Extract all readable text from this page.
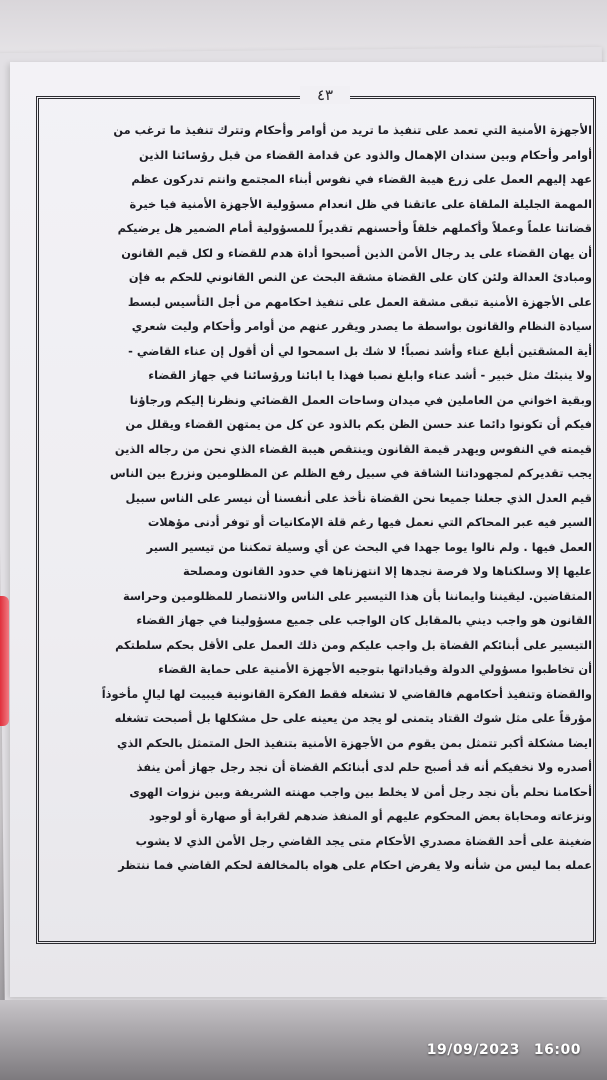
٤٣
الأجهزة الأمنية التي تعمد على تنفيذ ما تريد من أوامر وأحكام وتترك تنفيذ ما ترغب من
أوامر وأحكام وبين سندان الإهمال والذود عن قدامة القضاء من قبل رؤسائنا الذين
عهد إليهم العمل على زرع هيبة القضاء في نفوس أبناء المجتمع وانتم تدركون عظم
المهمة الجليلة الملقاة على عاتقنا في ظل انعدام مسؤولية الأجهزة الأمنية فيا خيرة
قضاتنا علماً وعملاً وأكملهم خلقاً وأحسنهم تقديراً للمسؤولية أمام الضمير هل يرضيكم
أن يهان القضاء على يد رجال الأمن الذين أصبحوا أداة هدم للقضاء و لكل قيم القانون
ومبادئ العدالة ولئن كان على القضاة مشقة البحث عن النص القانوني للحكم به فإن
على الأجهزة الأمنية تبقى مشقة العمل على تنفيذ احكامهم من أجل التأسيس لبسط
سيادة النظام والقانون بواسطة ما يصدر ويقرر عنهم من أوامر وأحكام وليت شعري
أية المشقتين أبلغ عناء وأشد نصباً! لا شك بل اسمحوا لي أن أقول إن عناء القاضي -
ولا ينبئك مثل خبير - أشد عناء وابلغ نصبا فهذا يا ابائنا ورؤسائنا في جهاز القضاء
وبقية اخواني من العاملين في ميدان وساحات العمل القضائي ونظرنا إليكم ورجاؤنا
فيكم أن تكونوا دائما عند حسن الظن بكم بالذود عن كل من يمتهن القضاء ويقلل من
قيمته في النفوس ويهدر قيمة القانون وينتقص هيبة القضاء الذي نحن من رجاله الذين
يجب تقديركم لمجهوداتنا الشاقة في سبيل رفع الظلم عن المظلومين ونزرع بين الناس
قيم العدل الذي جعلنا جميعا نحن القضاة نأخذ على أنفسنا أن نيسر على الناس سبيل
السير فيه عبر المحاكم التي نعمل فيها رغم قلة الإمكانيات أو توفر أدنى مؤهلات
العمل فيها . ولم نالوا يوما جهدا في البحث عن أي وسيلة تمكننا من تيسير السير
عليها إلا وسلكناها ولا فرصة نجدها إلا انتهزناها في حدود القانون ومصلحة
المتقاضين. ليقيننا وايماننا بأن هذا التيسير على الناس والانتصار للمظلومين وحراسة
القانون هو واجب ديني بالمقابل كان الواجب على جميع مسؤولينا في جهاز القضاء
التيسير على أبنائكم القضاة بل واجب عليكم ومن ذلك العمل على الأقل بحكم سلطتكم
أن تخاطبوا مسؤولي الدولة وقياداتها بتوجيه الأجهزة الأمنية على حماية القضاء
والقضاة وتنفيذ أحكامهم فالقاضي لا تشغله فقط الفكرة القانونية فيبيت لها ليالٍ مأخوذاً
مؤرقاً على مثل شوك القتاد يتمنى لو يجد من يعينه على حل مشكلها بل أصبحت تشغله
ايضا مشكلة أكبر تتمثل بمن يقوم من الأجهزة الأمنية بتنفيذ الحل المتمثل بالحكم الذي
أصدره ولا نخفيكم أنه قد أصبح حلم لدى أبنائكم القضاة أن نجد رجل جهاز أمن ينفذ
أحكامنا نحلم بأن نجد رجل أمن لا يخلط بين واجب مهنته الشريفة وبين نزوات الهوى
ونزعاته ومحاباة بعض المحكوم عليهم أو المنفذ ضدهم لقرابة أو صهارة أو لوجود
ضغينة على أحد القضاة مصدري الأحكام متى يجد القاضي رجل الأمن الذي لا يشوب
عمله بما ليس من شأنه ولا يفرض احكام على هواه بالمخالفة لحكم القاضي فما ننتظر
19/09/2023 16:00
